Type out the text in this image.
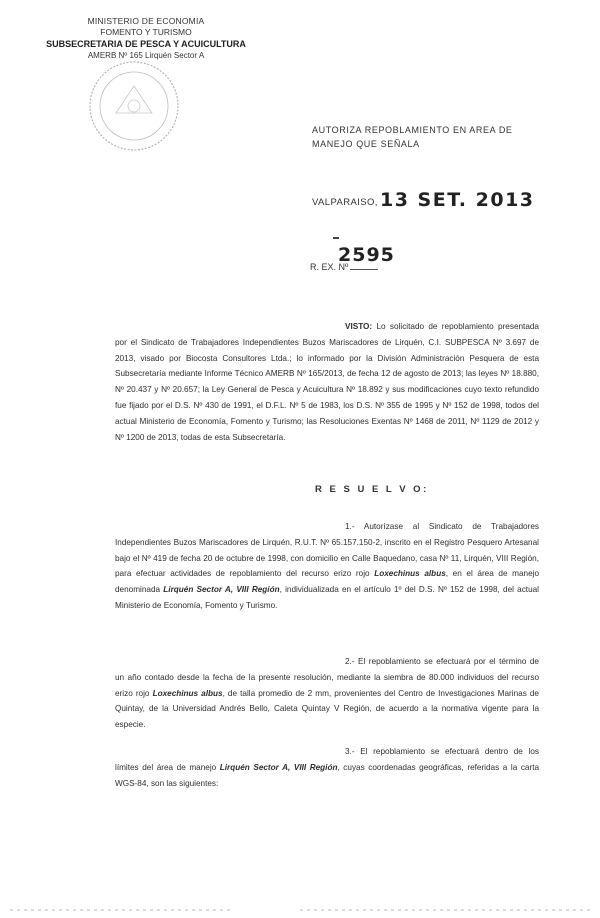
MINISTERIO DE ECONOMIA
FOMENTO Y TURISMO
SUBSECRETARIA DE PESCA Y ACUICULTURA
AMERB Nº 165 Lirquén Sector A
AUTORIZA REPOBLAMIENTO EN AREA DE MANEJO QUE SEÑALA
VALPARAISO, 13 SET. 2013
2595
R. EX. Nº
VISTO: Lo solicitado de repoblamiento presentada por el Sindicato de Trabajadores Independientes Buzos Mariscadores de Lirquén, C.I. SUBPESCA Nº 3.697 de 2013, visado por Biocosta Consultores Ltda.; lo informado por la División Administración Pesquera de esta Subsecretaría mediante Informe Técnico AMERB Nº 165/2013, de fecha 12 de agosto de 2013; las leyes Nº 18.880, Nº 20.437 y Nº 20.657; la Ley General de Pesca y Acuicultura Nº 18.892 y sus modificaciones cuyo texto refundido fue fijado por el D.S. Nº 430 de 1991, el D.F.L. Nº 5 de 1983, los D.S. Nº 355 de 1995 y Nº 152 de 1998, todos del actual Ministerio de Economía, Fomento y Turismo; las Resoluciones Exentas Nº 1468 de 2011, Nº 1129 de 2012 y Nº 1200 de 2013, todas de esta Subsecretaría.
R E S U E L V O:
1.- Autorízase al Sindicato de Trabajadores Independientes Buzos Mariscadores de Lirquén, R.U.T. Nº 65.157.150-2, inscrito en el Registro Pesquero Artesanal bajo el Nº 419 de fecha 20 de octubre de 1998, con domicilio en Calle Baquedano, casa Nº 11, Lirquén, VIII Región, para efectuar actividades de repoblamiento del recurso erizo rojo Loxechinus albus, en el área de manejo denominada Lirquén Sector A, VIII Región, individualizada en el artículo 1º del D.S. Nº 152 de 1998, del actual Ministerio de Economía, Fomento y Turismo.
2.- El repoblamiento se efectuará por el término de un año contado desde la fecha de la presente resolución, mediante la siembra de 80.000 individuos del recurso erizo rojo Loxechinus albus, de talla promedio de 2 mm, provenientes del Centro de Investigaciones Marinas de Quintay, de la Universidad Andrés Bello, Caleta Quintay V Región, de acuerdo a la normativa vigente para la especie.
3.- El repoblamiento se efectuará dentro de los límites del área de manejo Lirquén Sector A, VIII Región, cuyas coordenadas geográficas, referidas a la carta WGS-84, son las siguientes:
